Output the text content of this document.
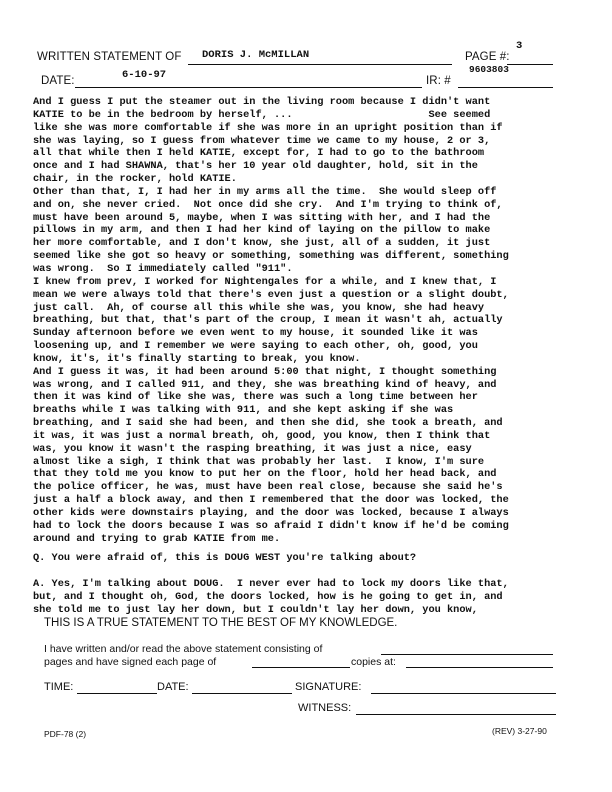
WRITTEN STATEMENT OF DORIS J. McMILLAN	PAGE #:
3
DATE:	6-10-97	IR: #
9603803
And I guess I put the steamer out in the living room because I didn't want
KATIE to be in the bedroom by herself, ...                      See seemed
like she was more comfortable if she was more in an upright position than if
she was laying, so I guess from whatever time we came to my house, 2 or 3,
all that while then I held KATIE, except for, I had to go to the bathroom
once and I had SHAWNA, that's her 10 year old daughter, hold, sit in the
chair, in the rocker, hold KATIE.
Other than that, I, I had her in my arms all the time.  She would sleep off
and on, she never cried.  Not once did she cry.  And I'm trying to think of,
must have been around 5, maybe, when I was sitting with her, and I had the
pillows in my arm, and then I had her kind of laying on the pillow to make
her more comfortable, and I don't know, she just, all of a sudden, it just
seemed like she got so heavy or something, something was different, something
was wrong.  So I immediately called "911".
I knew from prev, I worked for Nightengales for a while, and I knew that, I
mean we were always told that there's even just a question or a slight doubt,
just call.  Ah, of course all this while she was, you know, she had heavy
breathing, but that, that's part of the croup, I mean it wasn't ah, actually
Sunday afternoon before we even went to my house, it sounded like it was
loosening up, and I remember we were saying to each other, oh, good, you
know, it's, it's finally starting to break, you know.
And I guess it was, it had been around 5:00 that night, I thought something
was wrong, and I called 911, and they, she was breathing kind of heavy, and
then it was kind of like she was, there was such a long time between her
breaths while I was talking with 911, and she kept asking if she was
breathing, and I said she had been, and then she did, she took a breath, and
it was, it was just a normal breath, oh, good, you know, then I think that
was, you know it wasn't the rasping breathing, it was just a nice, easy
almost like a sigh, I think that was probably her last.  I know, I'm sure
that they told me you know to put her on the floor, hold her head back, and
the police officer, he was, must have been real close, because she said he's
just a half a block away, and then I remembered that the door was locked, the
other kids were downstairs playing, and the door was locked, because I always
had to lock the doors because I was so afraid I didn't know if he'd be coming
around and trying to grab KATIE from me.
Q. You were afraid of, this is DOUG WEST you're talking about?
A. Yes, I'm talking about DOUG.  I never ever had to lock my doors like that,
but, and I thought oh, God, the doors locked, how is he going to get in, and
she told me to just lay her down, but I couldn't lay her down, you know,
THIS IS A TRUE STATEMENT TO THE BEST OF MY KNOWLEDGE.
I have written and/or read the above statement consisting of
pages and have signed each page of	copies at:
TIME:	DATE:	SIGNATURE:
WITNESS:
PDF-78 (2)	(REV) 3-27-90
